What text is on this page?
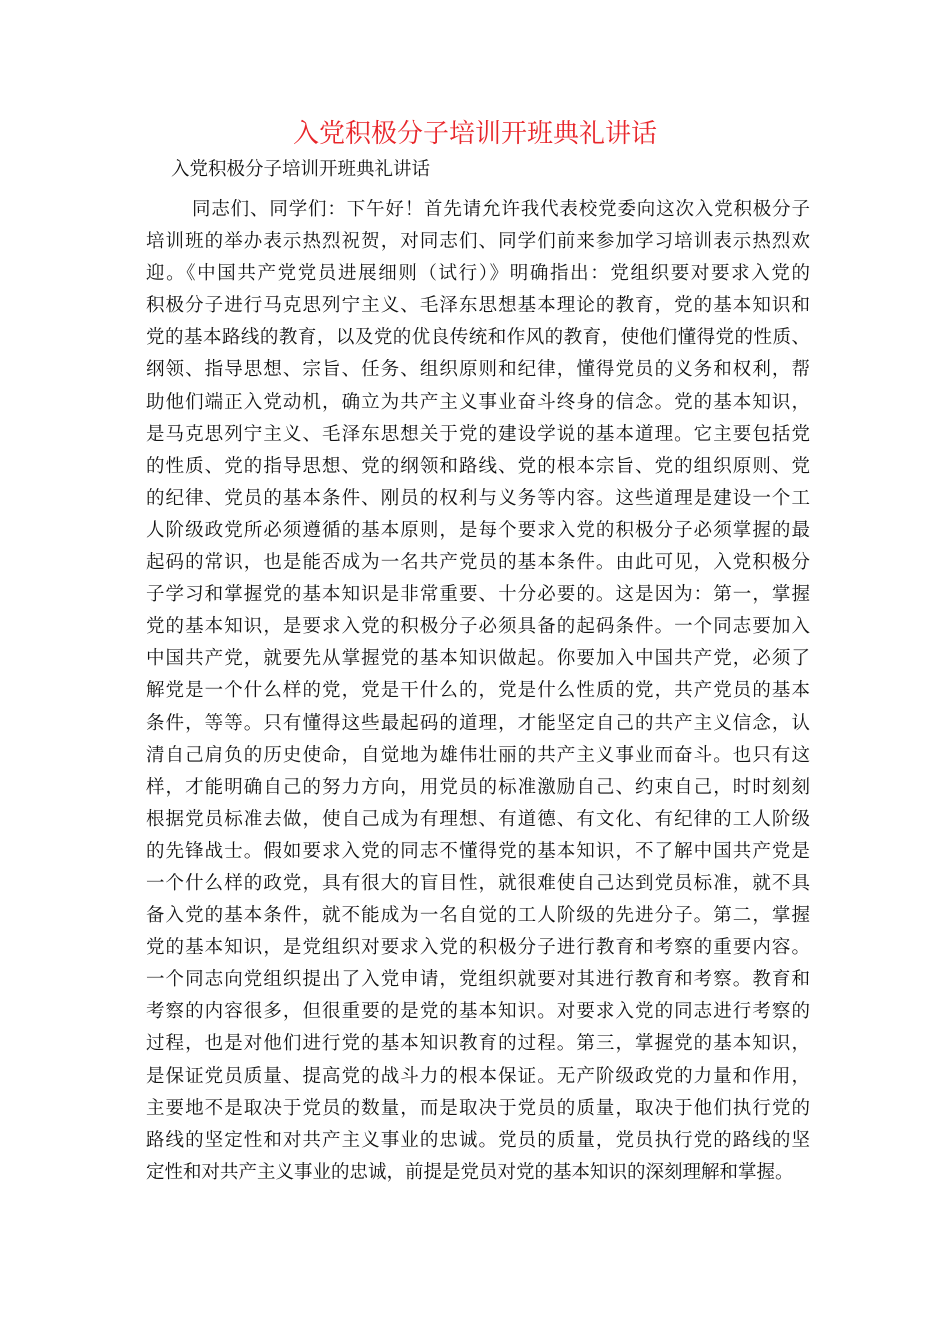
入党积极分子培训开班典礼讲话

入党积极分子培训开班典礼讲话

同志们、同学们：下午好！首先请允许我代表校党委向这次入党积极分子
培训班的举办表示热烈祝贺，对同志们、同学们前来参加学习培训表示热烈欢
迎。《中国共产党党员进展细则（试行）》明确指出：党组织要对要求入党的
积极分子进行马克思列宁主义、毛泽东思想基本理论的教育，党的基本知识和
党的基本路线的教育，以及党的优良传统和作风的教育，使他们懂得党的性质、
纲领、指导思想、宗旨、任务、组织原则和纪律，懂得党员的义务和权利，帮
助他们端正入党动机，确立为共产主义事业奋斗终身的信念。党的基本知识，
是马克思列宁主义、毛泽东思想关于党的建设学说的基本道理。它主要包括党
的性质、党的指导思想、党的纲领和路线、党的根本宗旨、党的组织原则、党
的纪律、党员的基本条件、刚员的权利与义务等内容。这些道理是建设一个工
人阶级政党所必须遵循的基本原则，是每个要求入党的积极分子必须掌握的最
起码的常识，也是能否成为一名共产党员的基本条件。由此可见，入党积极分
子学习和掌握党的基本知识是非常重要、十分必要的。这是因为：第一，掌握
党的基本知识，是要求入党的积极分子必须具备的起码条件。一个同志要加入
中国共产党，就要先从掌握党的基本知识做起。你要加入中国共产党，必须了
解党是一个什么样的党，党是干什么的，党是什么性质的党，共产党员的基本
条件，等等。只有懂得这些最起码的道理，才能坚定自己的共产主义信念，认
清自己肩负的历史使命，自觉地为雄伟壮丽的共产主义事业而奋斗。也只有这
样，才能明确自己的努力方向，用党员的标准激励自己、约束自己，时时刻刻
根据党员标准去做，使自己成为有理想、有道德、有文化、有纪律的工人阶级
的先锋战士。假如要求入党的同志不懂得党的基本知识，不了解中国共产党是
一个什么样的政党，具有很大的盲目性，就很难使自己达到党员标准，就不具
备入党的基本条件，就不能成为一名自觉的工人阶级的先进分子。第二，掌握
党的基本知识，是党组织对要求入党的积极分子进行教育和考察的重要内容。
一个同志向党组织提出了入党申请，党组织就要对其进行教育和考察。教育和
考察的内容很多，但很重要的是党的基本知识。对要求入党的同志进行考察的
过程，也是对他们进行党的基本知识教育的过程。第三，掌握党的基本知识，
是保证党员质量、提高党的战斗力的根本保证。无产阶级政党的力量和作用，
主要地不是取决于党员的数量，而是取决于党员的质量，取决于他们执行党的
路线的坚定性和对共产主义事业的忠诚。党员的质量，党员执行党的路线的坚
定性和对共产主义事业的忠诚，前提是党员对党的基本知识的深刻理解和掌握。
